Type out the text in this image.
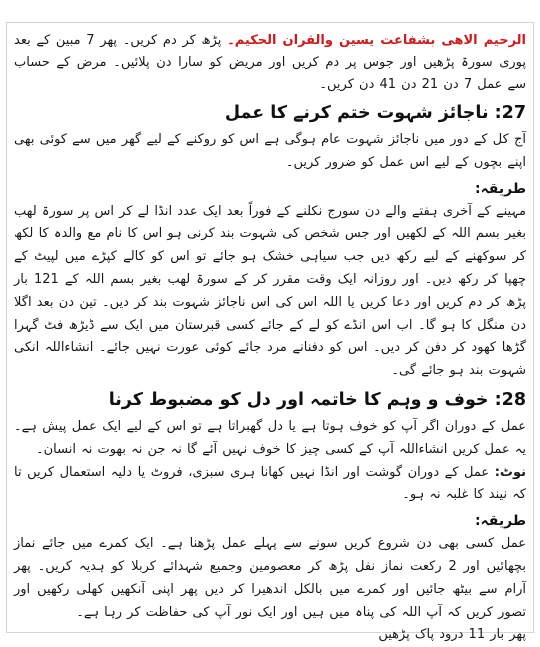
الرحیم الاھی بشفاعت یسین والقران الحکیم۔ پڑھ کر دم کریں۔ پھر 7 مبین کے بعد پوری سورۃ پڑھیں اور جوس پر دم کریں اور مریض کو سارا دن پلائیں۔ مرض کے حساب سے عمل 7 دن 21 دن 41 دن کریں۔

27: ناجائز شہوت ختم کرنے کا عمل

آج کل کے دور میں ناجائز شہوت عام ہوگی ہے اس کو روکنے کے لیے گھر میں سے کوئی بھی اپنے بچوں کے لیے اس عمل کو ضرور کریں۔

طریقہ:

مہینے کے آخری ہفتے والے دن سورج نکلنے کے فوراً بعد ایک عدد انڈا لے کر اس پر سورۃ لھب بغیر بسم اللہ کے لکھیں اور جس شخص کی شہوت بند کرنی ہو اس کا نام مع والدہ کا لکھ کر سوکھنے کے لیے رکھ دیں جب سیاہی خشک ہو جائے تو اس کو کالے کپڑے میں لپیٹ کے چھپا کر رکھ دیں۔ اور روزانہ ایک وقت مقرر کر کے سورۃ لھب بغیر بسم اللہ کے 121 بار پڑھ کر دم کریں اور دعا کریں یا اللہ اس کی اس ناجائز شہوت بند کر دیں۔ تین دن بعد اگلا دن منگل کا ہو گا۔ اب اس انڈے کو لے کے جائے کسی قبرستان میں ایک سے ڈیڑھ فٹ گہرا گڑھا کھود کر دفن کر دیں۔ اس کو دفنانے مرد جائے کوئی عورت نہیں جائے۔ انشاءاللہ انکی شہوت بند ہو جائے گی۔

28: خوف و وہم کا خاتمہ اور دل کو مضبوط کرنا

عمل کے دوران اگر آپ کو خوف ہوتا ہے یا دل گھبراتا ہے تو اس کے لیے ایک عمل پیش ہے۔ یہ عمل کریں انشاءاللہ آپ کے کسی چیز کا خوف نہیں آئے گا نہ جن نہ بھوت نہ انسان۔

نوٹ: عمل کے دوران گوشت اور انڈا نہیں کھانا ہری سبزی، فروٹ یا دلیہ استعمال کریں تا کہ نیند کا غلبہ نہ ہو۔

طریقہ:

عمل کسی بھی دن شروع کریں سونے سے پہلے عمل پڑھنا ہے۔ ایک کمرے میں جائے نماز بچھائیں اور 2 رکعت نماز نفل پڑھ کر معصومین وجمیع شہدائے کربلا کو ہدیہ کریں۔ پھر آرام سے بیٹھ جائیں اور کمرے میں بالکل اندھیرا کر دیں پھر اپنی آنکھیں کھلی رکھیں اور تصور کریں کہ آپ اللہ کی پناہ میں ہیں اور ایک نور آپ کی حفاظت کر رہا ہے۔

پھر بار 11 درود پاک پڑھیں
